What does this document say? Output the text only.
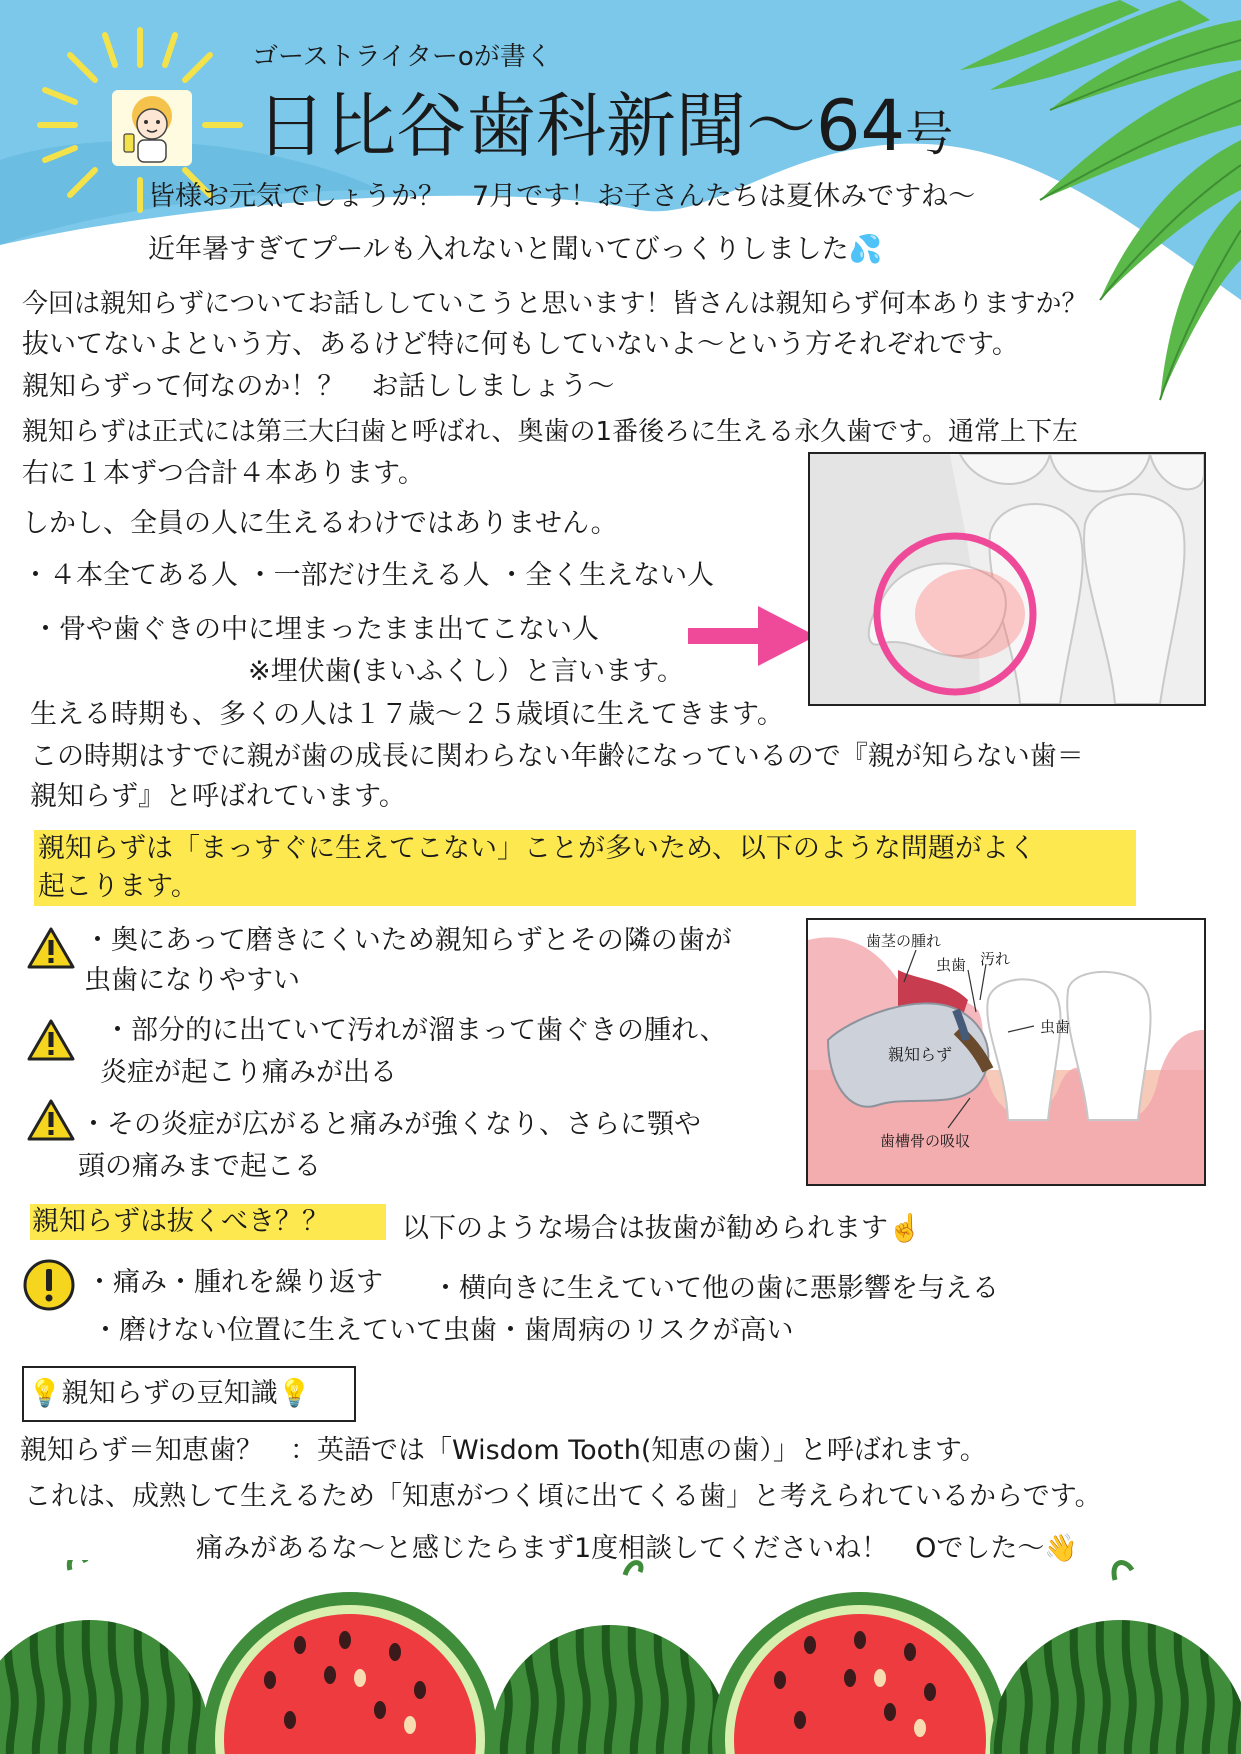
ゴーストライターoが書く
日比谷歯科新聞〜64号
皆様お元気でしょうか？　7月です！お子さんたちは夏休みですね〜
近年暑すぎてプールも入れないと聞いてびっくりしました💦
今回は親知らずについてお話ししていこうと思います！皆さんは親知らず何本ありますか？
抜いてないよという方、あるけど特に何もしていないよ〜という方それぞれです。
親知らずって何なのか！？　お話ししましょう〜
親知らずは正式には第三大臼歯と呼ばれ、奥歯の1番後ろに生える永久歯です。通常上下左
右に１本ずつ合計４本あります。
しかし、全員の人に生えるわけではありません。
・４本全てある人 ・一部だけ生える人 ・全く生えない人
・骨や歯ぐきの中に埋まったまま出てこない人
※埋伏歯(まいふくし）と言います。
生える時期も、多くの人は１７歳〜２５歳頃に生えてきます。
この時期はすでに親が歯の成長に関わらない年齢になっているので『親が知らない歯＝
親知らず』と呼ばれています。
親知らずは「まっすぐに生えてこない」ことが多いため、以下のような問題がよく
起こります。
・奥にあって磨きにくいため親知らずとその隣の歯が
虫歯になりやすい
・部分的に出ていて汚れが溜まって歯ぐきの腫れ、
炎症が起こり痛みが出る
・その炎症が広がると痛みが強くなり、さらに顎や
頭の痛みまで起こる
歯茎の腫れ
虫歯 汚れ
虫歯
親知らず
歯槽骨の吸収
親知らずは抜くべき？？	以下のような場合は抜歯が勧められます☝️
・痛み・腫れを繰り返す ・横向きに生えていて他の歯に悪影響を与える
・磨けない位置に生えていて虫歯・歯周病のリスクが高い
💡親知らずの豆知識💡
親知らず＝知恵歯？　：英語では「Wisdom Tooth(知恵の歯）」と呼ばれます。
これは、成熟して生えるため「知恵がつく頃に出てくる歯」と考えられているからです。
痛みがあるな〜と感じたらまず1度相談してくださいね！　Oでした〜👋
